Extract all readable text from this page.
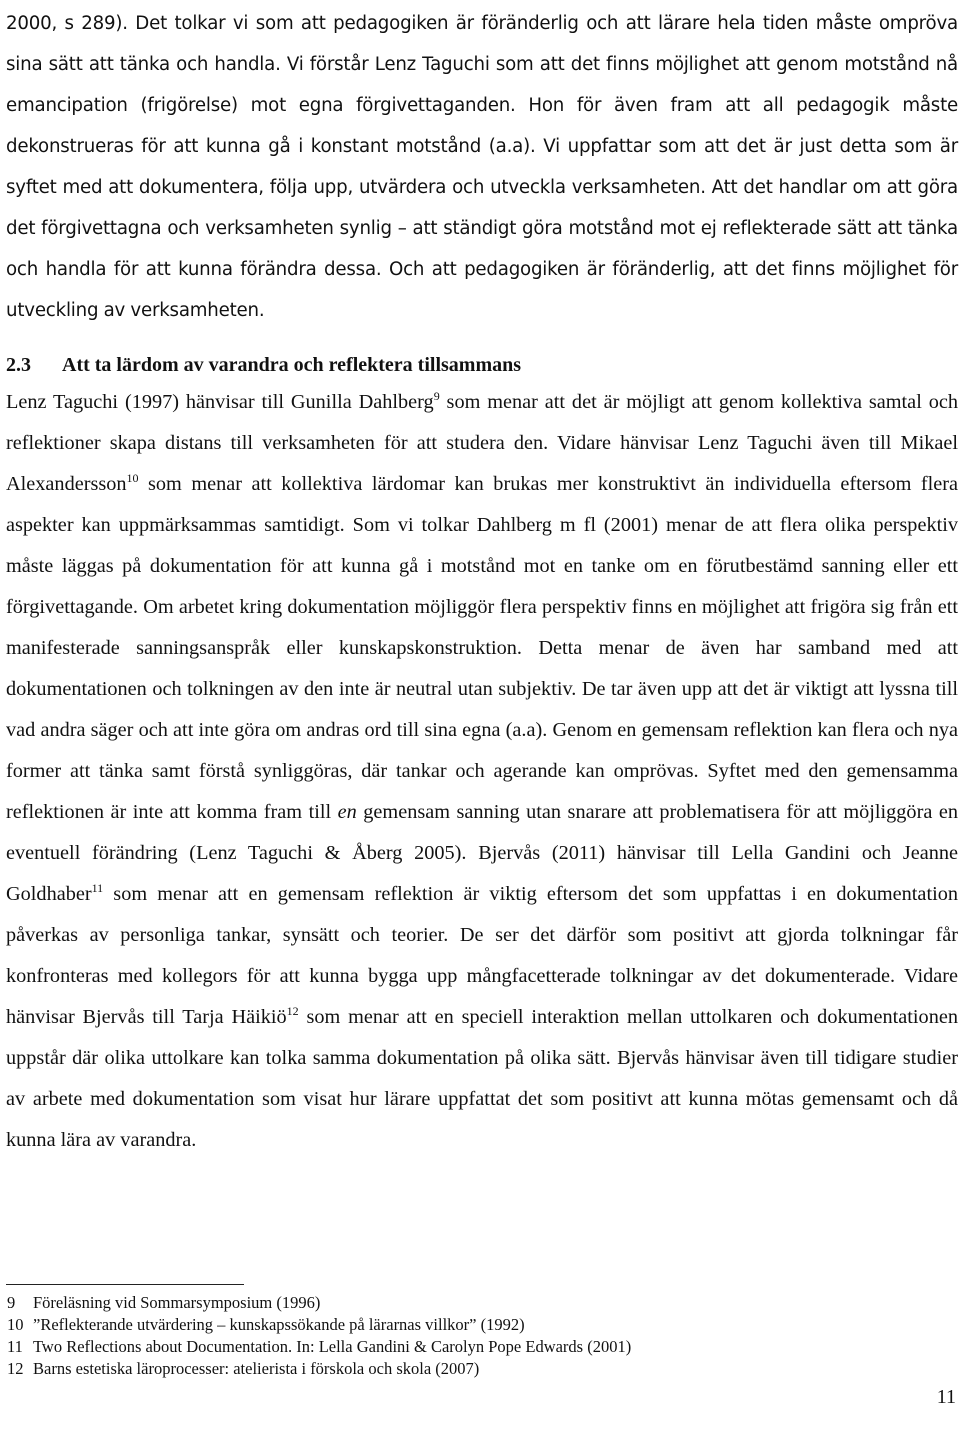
2000, s 289). Det tolkar vi som att pedagogiken är föränderlig och att lärare hela tiden måste ompröva sina sätt att tänka och handla. Vi förstår Lenz Taguchi som att det finns möjlighet att genom motstånd nå emancipation (frigörelse) mot egna förgivettaganden. Hon för även fram att all pedagogik måste dekonstrueras för att kunna gå i konstant motstånd (a.a). Vi uppfattar som att det är just detta som är syftet med att dokumentera, följa upp, utvärdera och utveckla verksamheten. Att det handlar om att göra det förgivettagna och verksamheten synlig – att ständigt göra motstånd mot ej reflekterade sätt att tänka och handla för att kunna förändra dessa. Och att pedagogiken är föränderlig, att det finns möjlighet för utveckling av verksamheten.

2.3 Att ta lärdom av varandra och reflektera tillsammans

Lenz Taguchi (1997) hänvisar till Gunilla Dahlberg$^9$ som menar att det är möjligt att genom kollektiva samtal och reflektioner skapa distans till verksamheten för att studera den. Vidare hänvisar Lenz Taguchi även till Mikael Alexandersson$^{10}$ som menar att kollektiva lärdomar kan brukas mer konstruktivt än individuella eftersom flera aspekter kan uppmärksammas samtidigt. Som vi tolkar Dahlberg m fl (2001) menar de att flera olika perspektiv måste läggas på dokumentation för att kunna gå i motstånd mot en tanke om en förutbestämd sanning eller ett förgivettagande. Om arbetet kring dokumentation möjliggör flera perspektiv finns en möjlighet att frigöra sig från ett manifesterade sanningsanspråk eller kunskapskonstruktion. Detta menar de även har samband med att dokumentationen och tolkningen av den inte är neutral utan subjektiv. De tar även upp att det är viktigt att lyssna till vad andra säger och att inte göra om andras ord till sina egna (a.a). Genom en gemensam reflektion kan flera och nya former att tänka samt förstå synliggöras, där tankar och agerande kan omprövas. Syftet med den gemensamma reflektionen är inte att komma fram till en gemensam sanning utan snarare att problematisera för att möjliggöra en eventuell förändring (Lenz Taguchi & Åberg 2005). Bjervås (2011) hänvisar till Lella Gandini och Jeanne Goldhaber$^{11}$ som menar att en gemensam reflektion är viktig eftersom det som uppfattas i en dokumentation påverkas av personliga tankar, synsätt och teorier. De ser det därför som positivt att gjorda tolkningar får konfronteras med kollegors för att kunna bygga upp mångfacetterade tolkningar av det dokumenterade. Vidare hänvisar Bjervås till Tarja Häikiö$^{12}$ som menar att en speciell interaktion mellan uttolkaren och dokumentationen uppstår där olika uttolkare kan tolka samma dokumentation på olika sätt. Bjervås hänvisar även till tidigare studier av arbete med dokumentation som visat hur lärare uppfattat det som positivt att kunna mötas gemensamt och då kunna lära av varandra.

9 Föreläsning vid Sommarsymposium (1996)
10 ”Reflekterande utvärdering – kunskapssökande på lärarnas villkor” (1992)
11 Two Reflections about Documentation. In: Lella Gandini & Carolyn Pope Edwards (2001)
12 Barns estetiska läroprocesser: atelierista i förskola och skola (2007)
11
